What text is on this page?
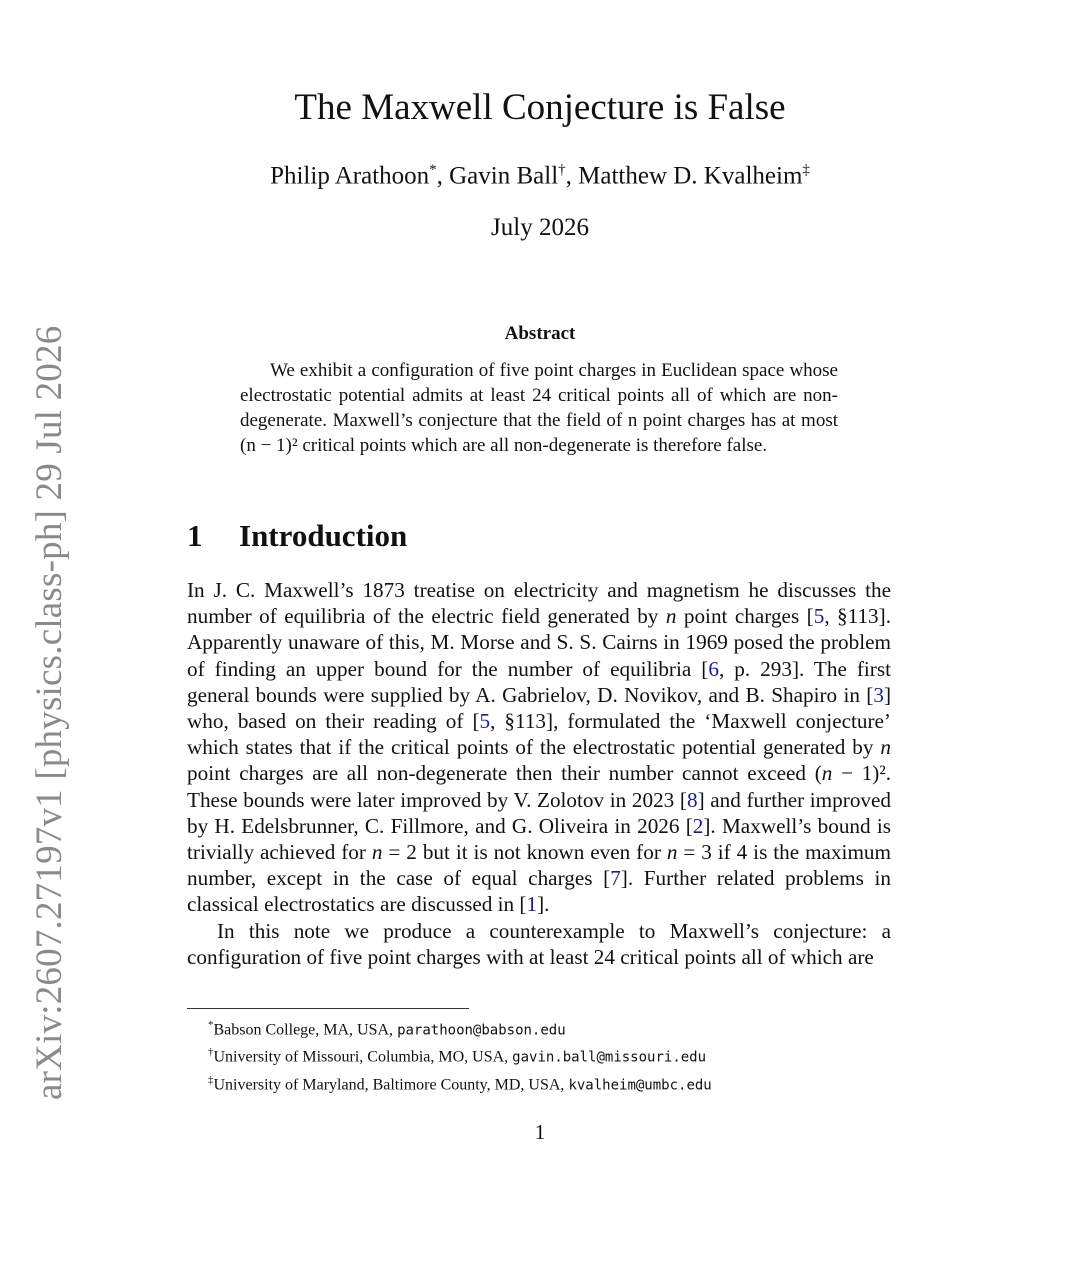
arXiv:2607.27197v1 [physics.class-ph] 29 Jul 2026
The Maxwell Conjecture is False
Philip Arathoon*, Gavin Ball†, Matthew D. Kvalheim‡
July 2026
Abstract
We exhibit a configuration of five point charges in Euclidean space whose electrostatic potential admits at least 24 critical points all of which are non-degenerate. Maxwell’s conjecture that the field of n point charges has at most (n − 1)² critical points which are all non-degenerate is therefore false.
1 Introduction

In J. C. Maxwell’s 1873 treatise on electricity and magnetism he discusses the number of equilibria of the electric field generated by n point charges [5, §113]. Apparently unaware of this, M. Morse and S. S. Cairns in 1969 posed the problem of finding an upper bound for the number of equilibria [6, p. 293]. The first general bounds were supplied by A. Gabrielov, D. Novikov, and B. Shapiro in [3] who, based on their reading of [5, §113], formulated the ‘Maxwell conjecture’ which states that if the critical points of the electrostatic potential generated by n point charges are all non-degenerate then their number cannot exceed (n − 1)². These bounds were later improved by V. Zolotov in 2023 [8] and further improved by H. Edelsbrunner, C. Fillmore, and G. Oliveira in 2026 [2]. Maxwell’s bound is trivially achieved for n = 2 but it is not known even for n = 3 if 4 is the maximum number, except in the case of equal charges [7]. Further related problems in classical electrostatics are discussed in [1].

In this note we produce a counterexample to Maxwell’s conjecture: a configuration of five point charges with at least 24 critical points all of which are

*Babson College, MA, USA, parathoon@babson.edu
†University of Missouri, Columbia, MO, USA, gavin.ball@missouri.edu
‡University of Maryland, Baltimore County, MD, USA, kvalheim@umbc.edu
1
